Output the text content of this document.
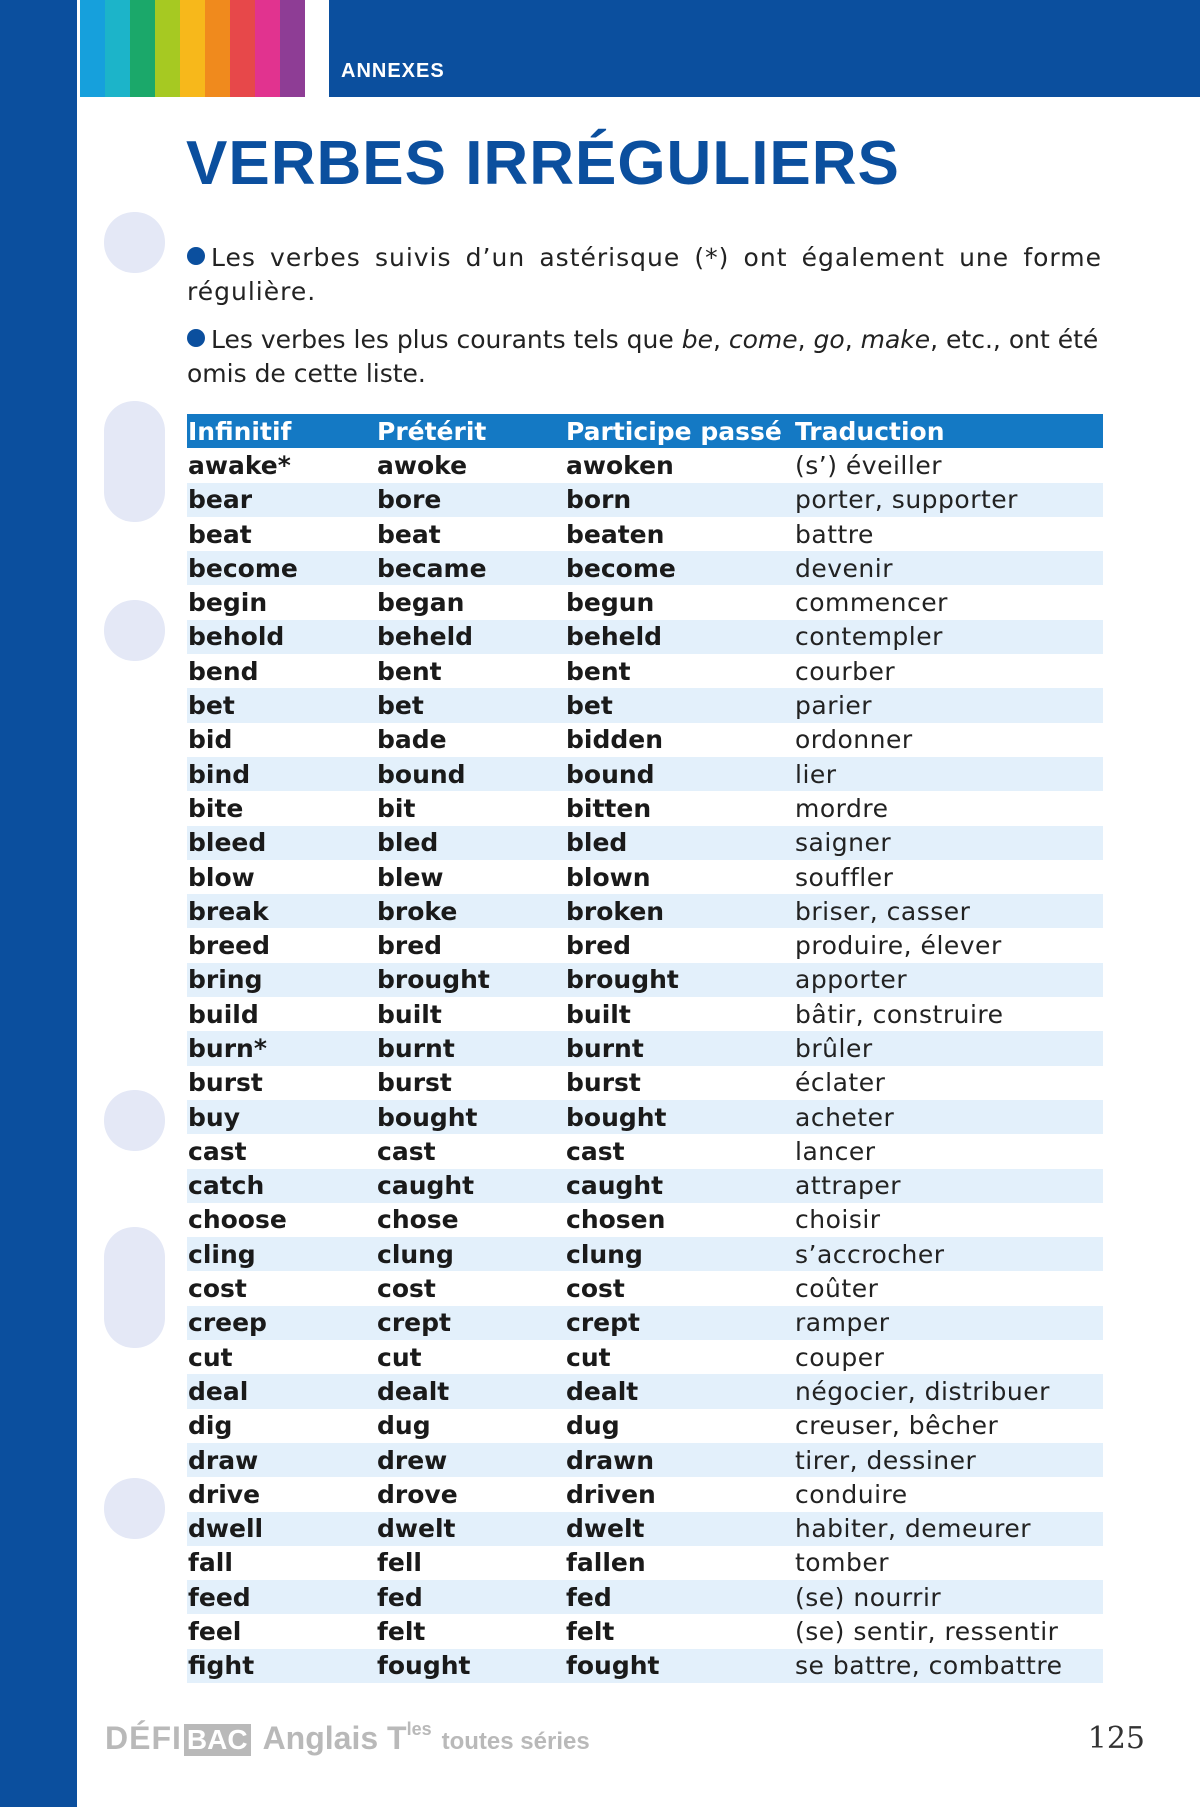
ANNEXES
VERBES IRRÉGULIERS

Les verbes suivis d’un astérisque (*) ont également une forme régulière.

Les verbes les plus courants tels que be, come, go, make, etc., ont été omis de cette liste.

Infinitif	Prétérit	Participe passé	Traduction
awake*	awoke	awoken	(s’) éveiller
bear	bore	born	porter, supporter
beat	beat	beaten	battre
become	became	become	devenir
begin	began	begun	commencer
behold	beheld	beheld	contempler
bend	bent	bent	courber
bet	bet	bet	parier
bid	bade	bidden	ordonner
bind	bound	bound	lier
bite	bit	bitten	mordre
bleed	bled	bled	saigner
blow	blew	blown	souffler
break	broke	broken	briser, casser
breed	bred	bred	produire, élever
bring	brought	brought	apporter
build	built	built	bâtir, construire
burn*	burnt	burnt	brûler
burst	burst	burst	éclater
buy	bought	bought	acheter
cast	cast	cast	lancer
catch	caught	caught	attraper
choose	chose	chosen	choisir
cling	clung	clung	s’accrocher
cost	cost	cost	coûter
creep	crept	crept	ramper
cut	cut	cut	couper
deal	dealt	dealt	négocier, distribuer
dig	dug	dug	creuser, bêcher
draw	drew	drawn	tirer, dessiner
drive	drove	driven	conduire
dwell	dwelt	dwelt	habiter, demeurer
fall	fell	fallen	tomber
feed	fed	fed	(se) nourrir
feel	felt	felt	(se) sentir, ressentir
fight	fought	fought	se battre, combattre
DÉFI BAC Anglais $T^{les}$ toutes séries	125
